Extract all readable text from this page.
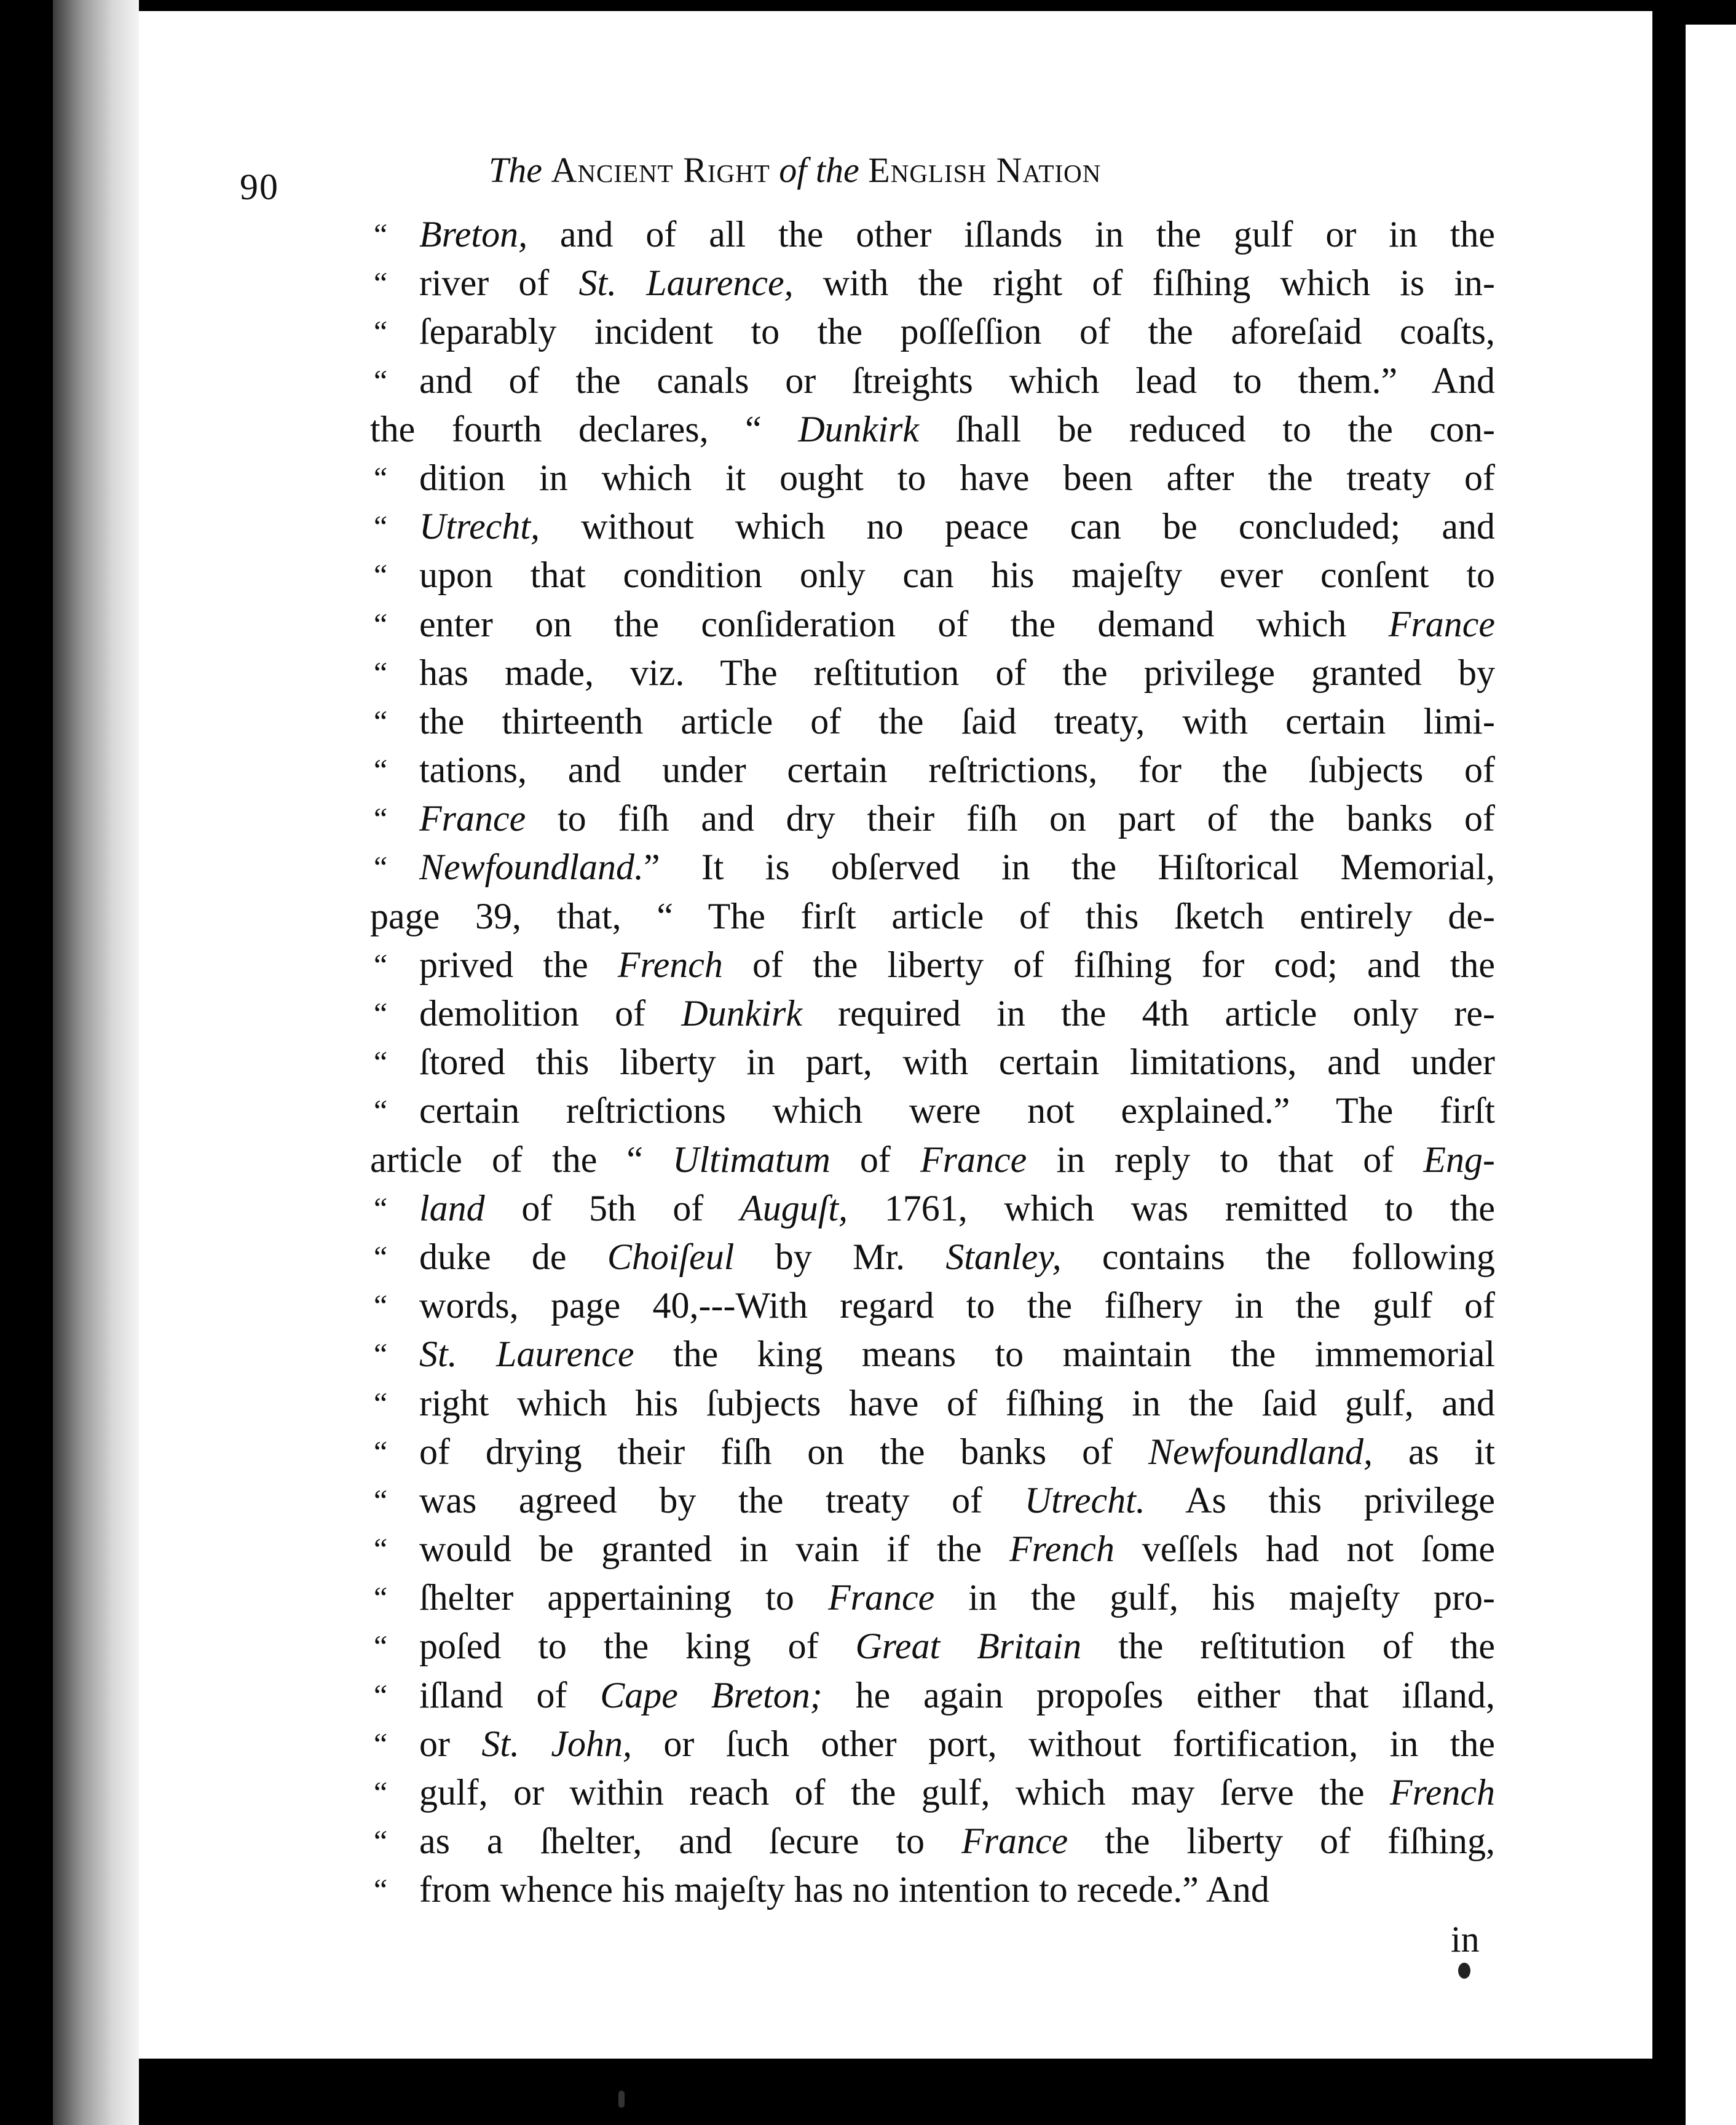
90	The Ancient Right of the English Nation
“ Breton, and of all the other iſlands in the gulf or in the
“ river of St. Laurence, with the right of fiſhing which is in-
“ ſeparably incident to the poſſeſſion of the aforeſaid coaſts,
“ and of the canals or ſtreights which lead to them.” And
the fourth declares, “ Dunkirk ſhall be reduced to the con-
“ dition in which it ought to have been after the treaty of
“ Utrecht, without which no peace can be concluded; and
“ upon that condition only can his majeſty ever conſent to
“ enter on the conſideration of the demand which France
“ has made, viz. The reſtitution of the privilege granted by
“ the thirteenth article of the ſaid treaty, with certain limi-
“ tations, and under certain reſtrictions, for the ſubjects of
“ France to fiſh and dry their fiſh on part of the banks of
“ Newfoundland.” It is obſerved in the Hiſtorical Memorial,
page 39, that, “ The firſt article of this ſketch entirely de-
“ prived the French of the liberty of fiſhing for cod; and the
“ demolition of Dunkirk required in the 4th article only re-
“ ſtored this liberty in part, with certain limitations, and under
“ certain reſtrictions which were not explained.” The firſt
article of the “ Ultimatum of France in reply to that of Eng-
“ land of 5th of Auguſt, 1761, which was remitted to the
“ duke de Choiſeul by Mr. Stanley, contains the following
“ words, page 40,---With regard to the fiſhery in the gulf of
“ St. Laurence the king means to maintain the immemorial
“ right which his ſubjects have of fiſhing in the ſaid gulf, and
“ of drying their fiſh on the banks of Newfoundland, as it
“ was agreed by the treaty of Utrecht. As this privilege
“ would be granted in vain if the French veſſels had not ſome
“ ſhelter appertaining to France in the gulf, his majeſty pro-
“ poſed to the king of Great Britain the reſtitution of the
“ iſland of Cape Breton; he again propoſes either that iſland,
“ or St. John, or ſuch other port, without fortification, in the
“ gulf, or within reach of the gulf, which may ſerve the French
“ as a ſhelter, and ſecure to France the liberty of fiſhing,
“ from whence his majeſty has no intention to recede.” And
in
